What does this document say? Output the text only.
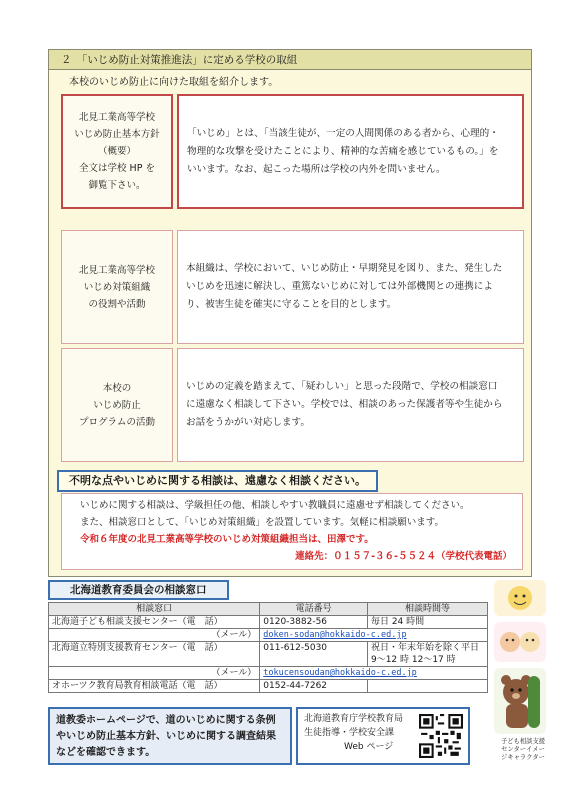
２　「いじめ防止対策推進法」に定める学校の取組
本校のいじめ防止に向けた取組を紹介します。
北見工業高等学校
いじめ防止基本方針
（概要）
全文は学校 HP を
御覧下さい。
「いじめ」とは、「当該生徒が、一定の人間関係のある者から、心理的・
物理的な攻撃を受けたことにより、精神的な苦痛を感じているもの。」を
いいます。なお、起こった場所は学校の内外を問いません。
北見工業高等学校
いじめ対策組織
の役割や活動
本組織は、学校において、いじめ防止・早期発見を図り、また、発生した
いじめを迅速に解決し、重篤ないじめに対しては外部機関との連携によ
り、被害生徒を確実に守ることを目的とします。
本校の
いじめ防止
プログラムの活動
いじめの定義を踏まえて、「疑わしい」と思った段階で、学校の相談窓口
に遠慮なく相談して下さい。学校では、相談のあった保護者等や生徒から
お話をうかがい対応します。
不明な点やいじめに関する相談は、遠慮なく相談ください。
いじめに関する相談は、学級担任の他、相談しやすい教職員に遠慮せず相談してください。
また、相談窓口として、「いじめ対策組織」を設置しています。気軽に相談願います。
令和６年度の北見工業高等学校のいじめ対策組織担当は、田澤です。
連絡先：０１５７-３６-５５２４（学校代表電話）
北海道教育委員会の相談窓口
相談窓口	電話番号	相談時間等
北海道子ども相談支援センター（電　話）	0120-3882-56	毎日 24 時間
（メール）	doken-sodan@hokkaido-c.ed.jp	
北海道立特別支援教育センター（電　話）	011-612-5030	祝日・年末年始を除く平日
9～12 時 12～17 時

（メール）	tokucensoudan@hokkaido-c.ed.jp	
オホーツク教育局教育相談電話（電　話）	0152-44-7262	
道教委ホームページで、道のいじめに関する条例
やいじめ防止基本方針、いじめに関する調査結果
などを確認できます。
北海道教育庁学校教育局
生徒指導・学校安全課
Web ページ
子ども相談支援
センターイメー
ジキャラクター
